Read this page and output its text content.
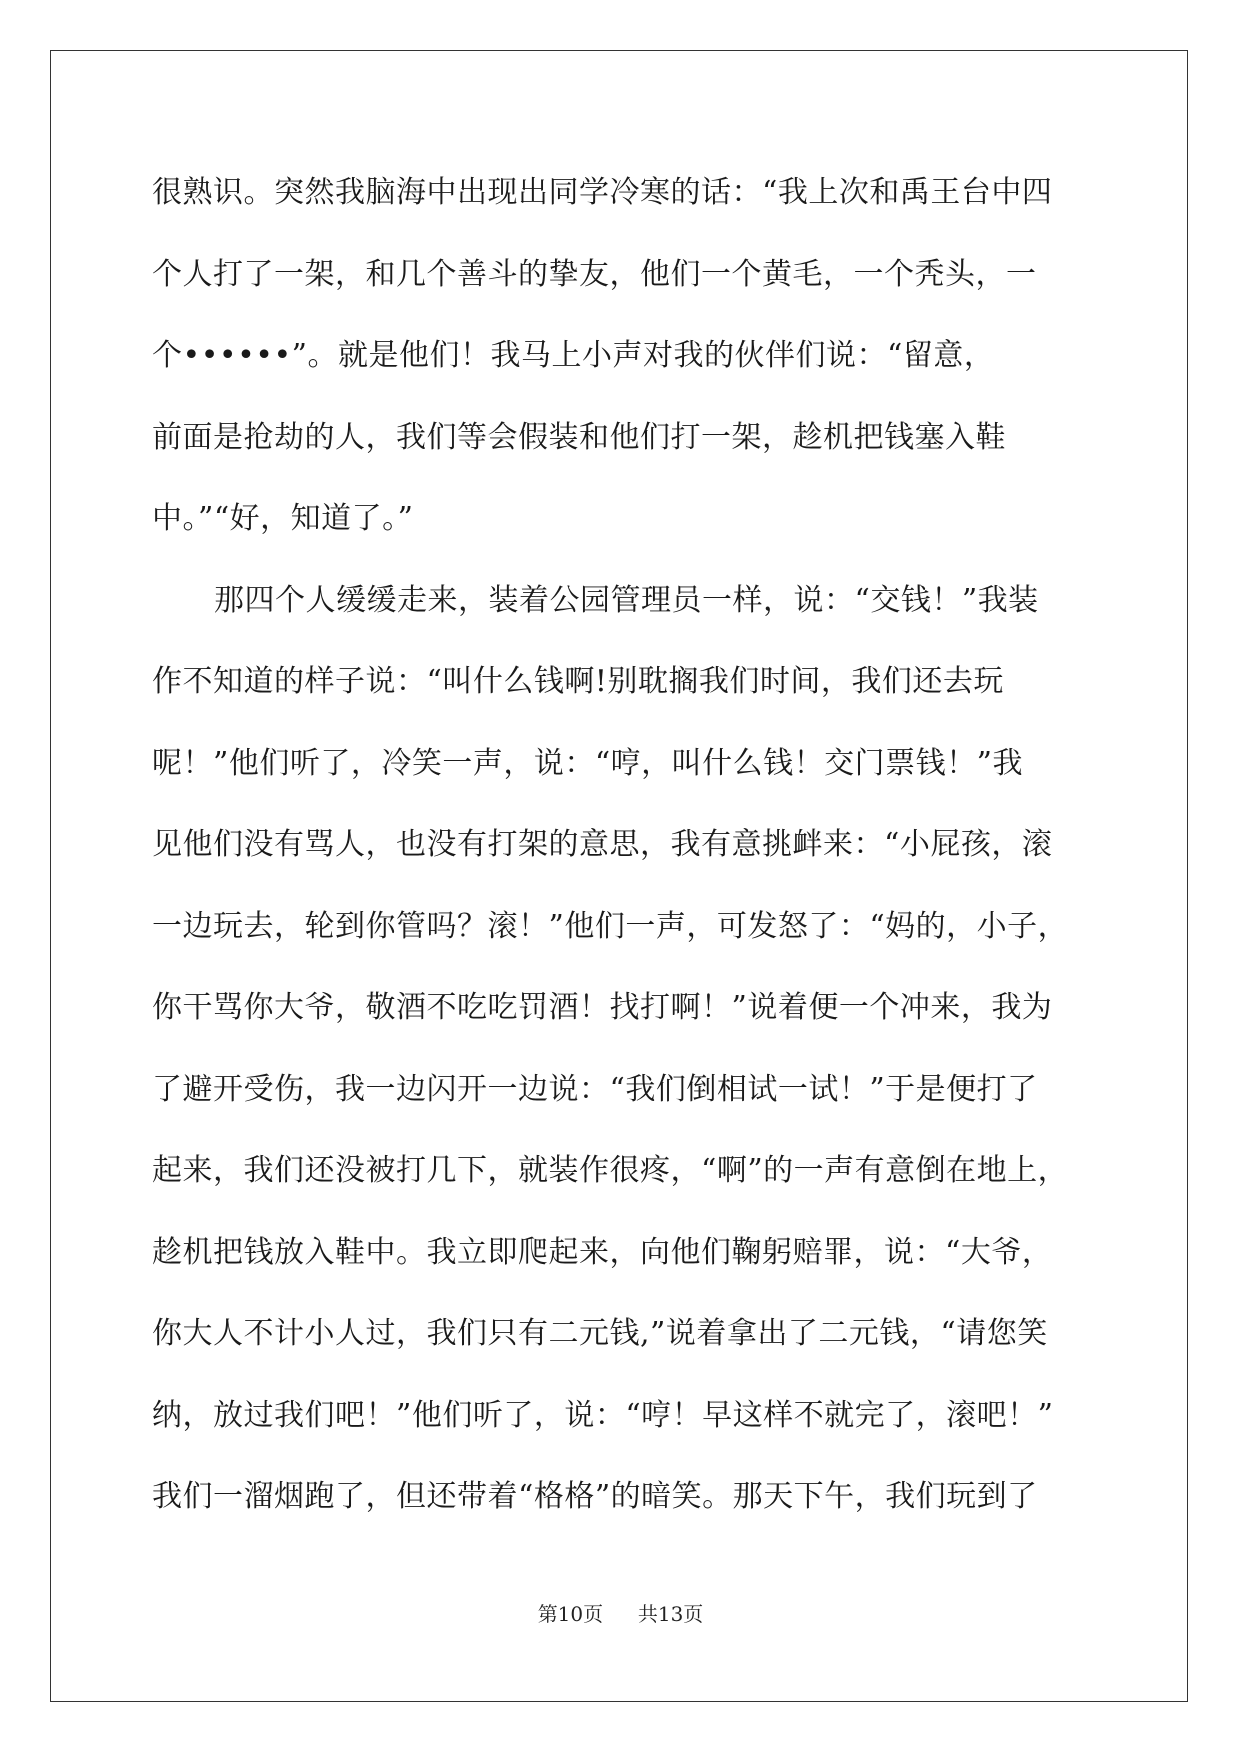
很熟识。突然我脑海中出现出同学冷寒的话：“我上次和禹王台中四
个人打了一架，和几个善斗的挚友，他们一个黄毛，一个秃头，一
个••••••”。就是他们！我马上小声对我的伙伴们说：“留意，
前面是抢劫的人，我们等会假装和他们打一架，趁机把钱塞入鞋
中。”“好，知道了。”
那四个人缓缓走来，装着公园管理员一样，说：“交钱！”我装
作不知道的样子说：“叫什么钱啊!别耽搁我们时间，我们还去玩
呢！”他们听了，冷笑一声，说：“哼，叫什么钱！交门票钱！”我
见他们没有骂人，也没有打架的意思，我有意挑衅来：“小屁孩，滚
一边玩去，轮到你管吗？滚！”他们一声，可发怒了：“妈的，小子，
你干骂你大爷，敬酒不吃吃罚酒！找打啊！”说着便一个冲来，我为
了避开受伤，我一边闪开一边说：“我们倒相试一试！”于是便打了
起来，我们还没被打几下，就装作很疼，“啊”的一声有意倒在地上，
趁机把钱放入鞋中。我立即爬起来，向他们鞠躬赔罪，说：“大爷，
你大人不计小人过，我们只有二元钱,”说着拿出了二元钱，“请您笑
纳，放过我们吧！”他们听了，说：“哼！早这样不就完了，滚吧！”
我们一溜烟跑了，但还带着“格格”的暗笑。那天下午，我们玩到了
第10页 共13页
